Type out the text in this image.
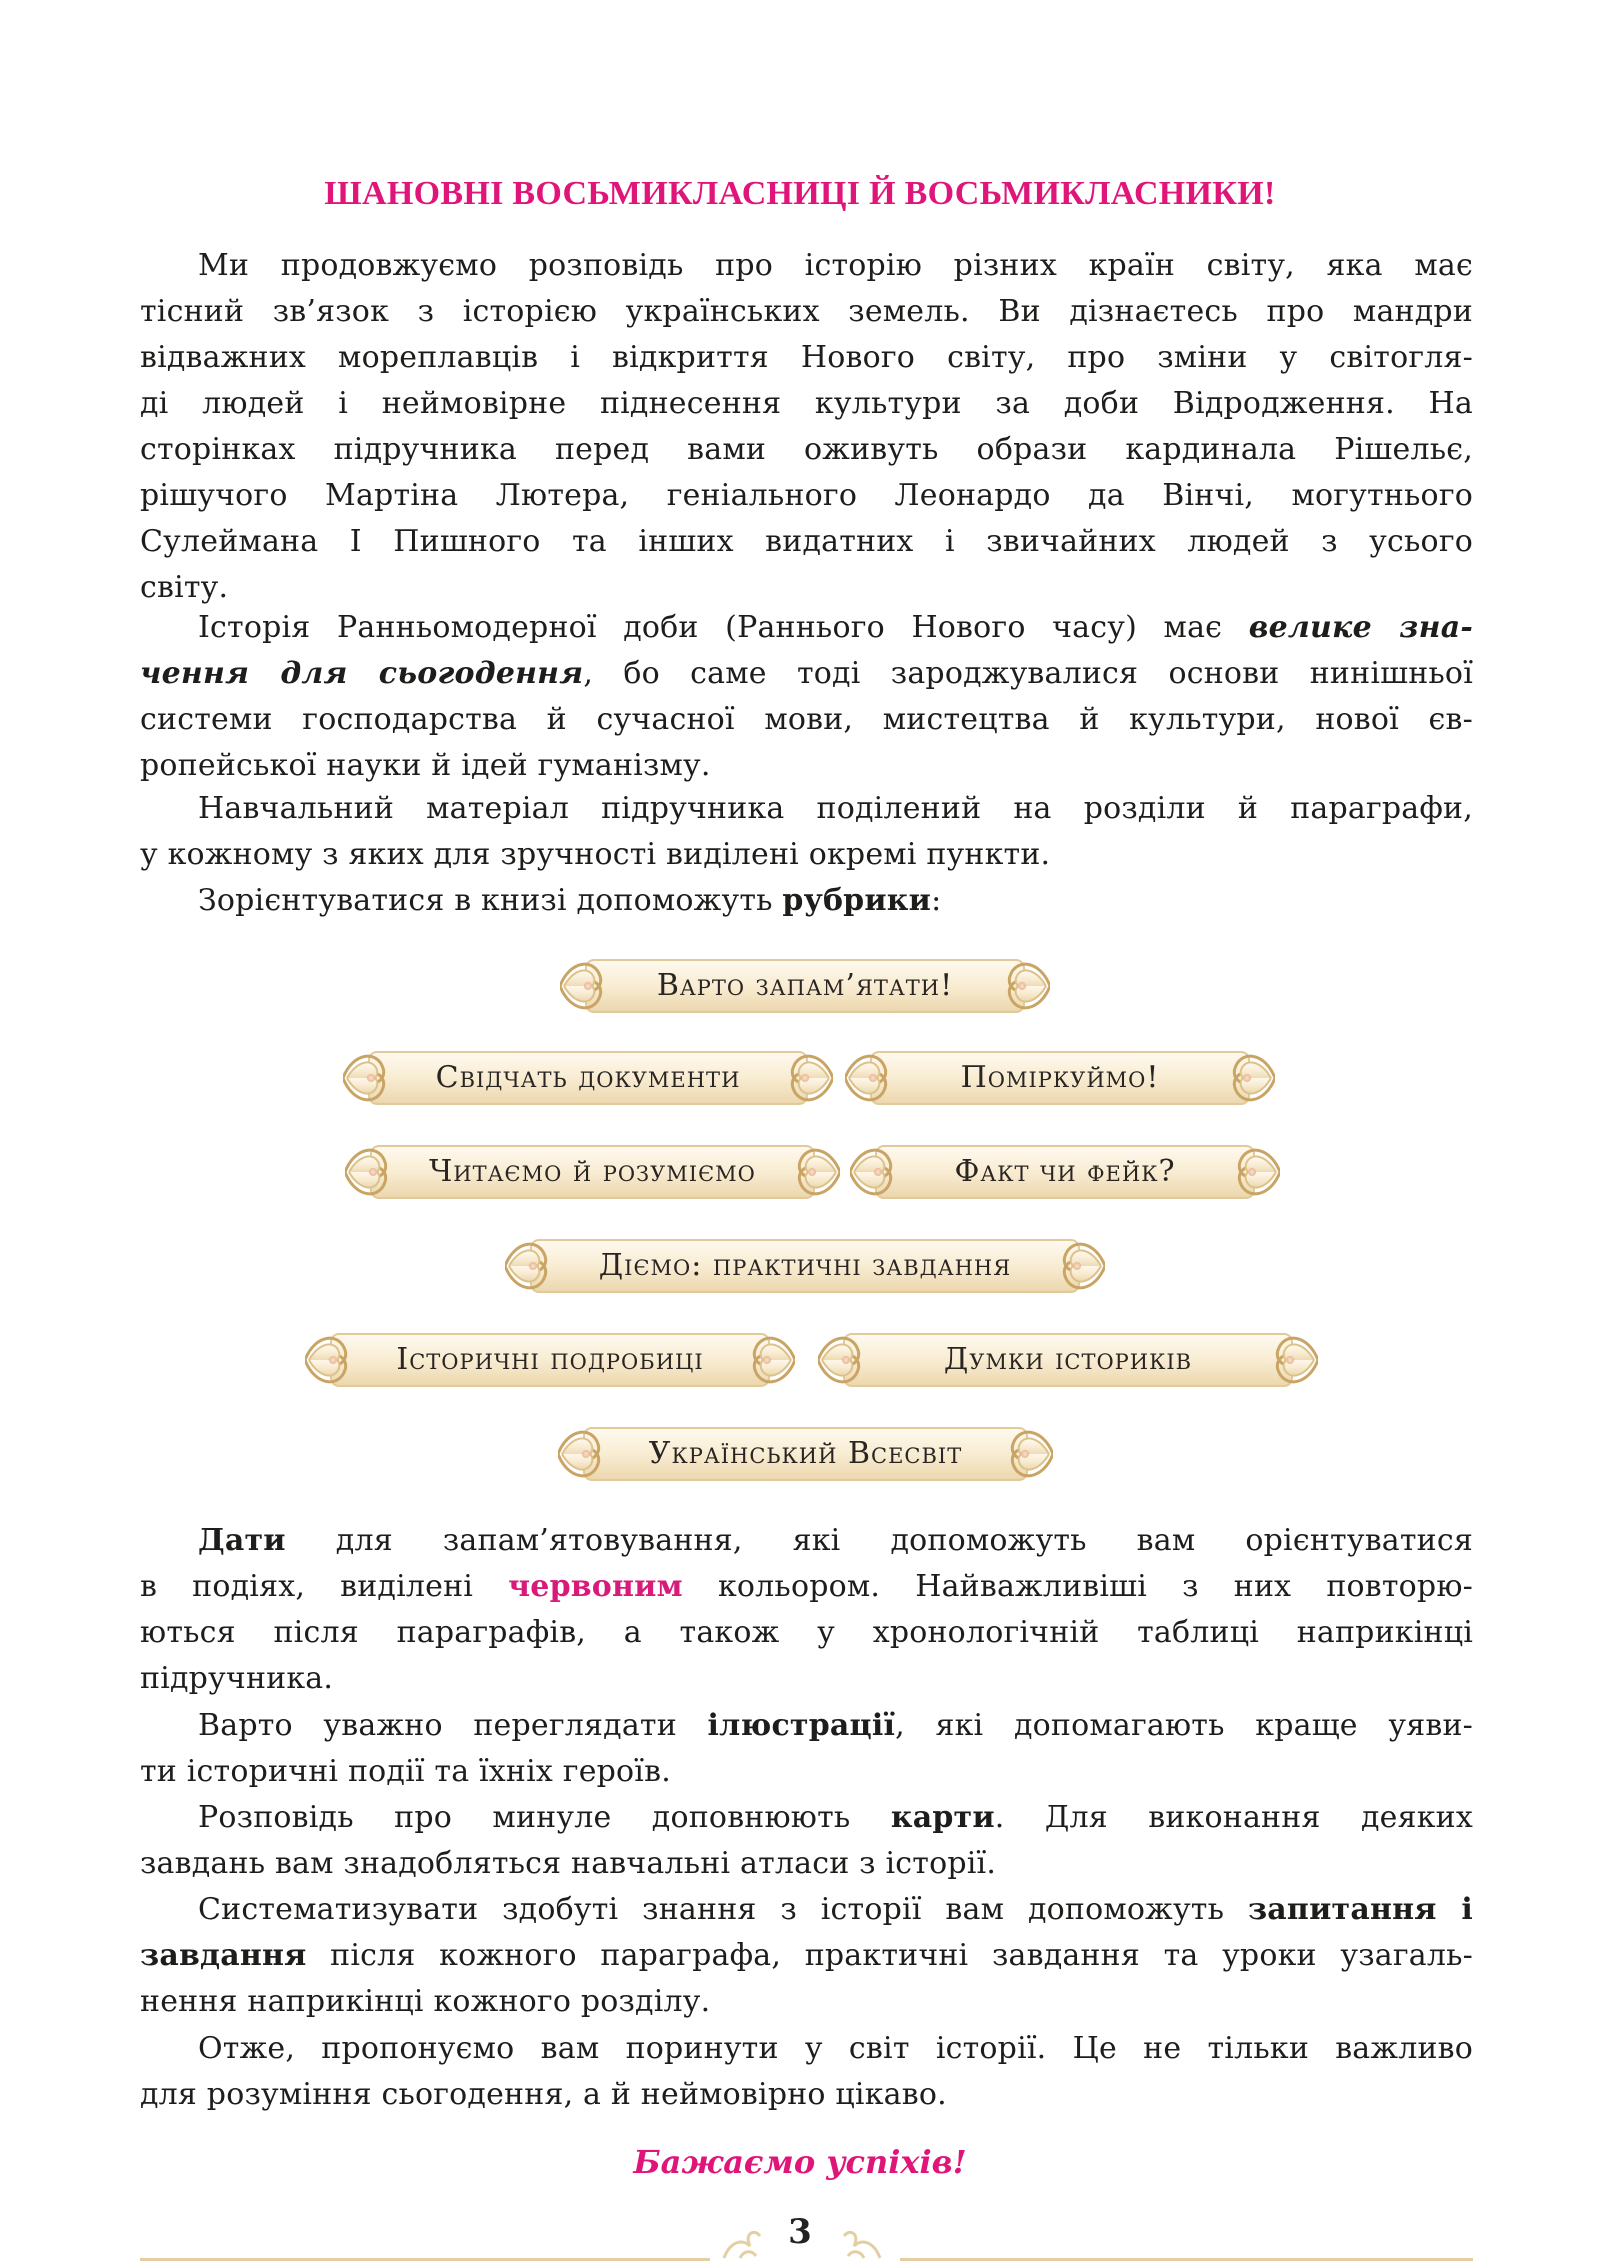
ШАНОВНІ ВОСЬМИКЛАСНИЦІ Й ВОСЬМИКЛАСНИКИ!
Ми продовжуємо розповідь про історію різних країн світу, яка має
тісний зв’язок з історією українських земель. Ви дізнаєтесь про мандри
відважних мореплавців і відкриття Нового світу, про зміни у світогля-
ді людей і неймовірне піднесення культури за доби Відродження. На
сторінках підручника перед вами оживуть образи кардинала Рішельє,
рішучого Мартіна Лютера, геніального Леонардо да Вінчі, могутнього
Сулеймана І Пишного та інших видатних і звичайних людей з усього
світу.
Історія Ранньомодерної доби (Раннього Нового часу) має велике зна-
чення для сьогодення, бо саме тоді зароджувалися основи нинішньої
системи господарства й сучасної мови, мистецтва й культури, нової єв-
ропейської науки й ідей гуманізму.
Навчальний матеріал підручника поділений на розділи й параграфи,
у кожному з яких для зручності виділені окремі пункти.
Зорієнтуватися в книзі допоможуть рубрики:
Варто запам’ятати!
Свідчать документи	Поміркуймо!
Читаємо й розуміємо	Факт чи фейк?
Діємо: практичні завдання
Історичні подробиці	Думки істориків
Український Всесвіт
Дати для запам’ятовування, які допоможуть вам орієнтуватися
в подіях, виділені червоним кольором. Найважливіші з них повторю-
ються після параграфів, а також у хронологічній таблиці наприкінці
підручника.
Варто уважно переглядати ілюстрації, які допомагають краще уяви-
ти історичні події та їхніх героїв.
Розповідь про минуле доповнюють карти. Для виконання деяких
завдань вам знадобляться навчальні атласи з історії.
Систематизувати здобуті знання з історії вам допоможуть запитання і
завдання після кожного параграфа, практичні завдання та уроки узагаль-
нення наприкінці кожного розділу.
Отже, пропонуємо вам поринути у світ історії. Це не тільки важливо
для розуміння сьогодення, а й неймовірно цікаво.
Бажаємо успіхів!
3
